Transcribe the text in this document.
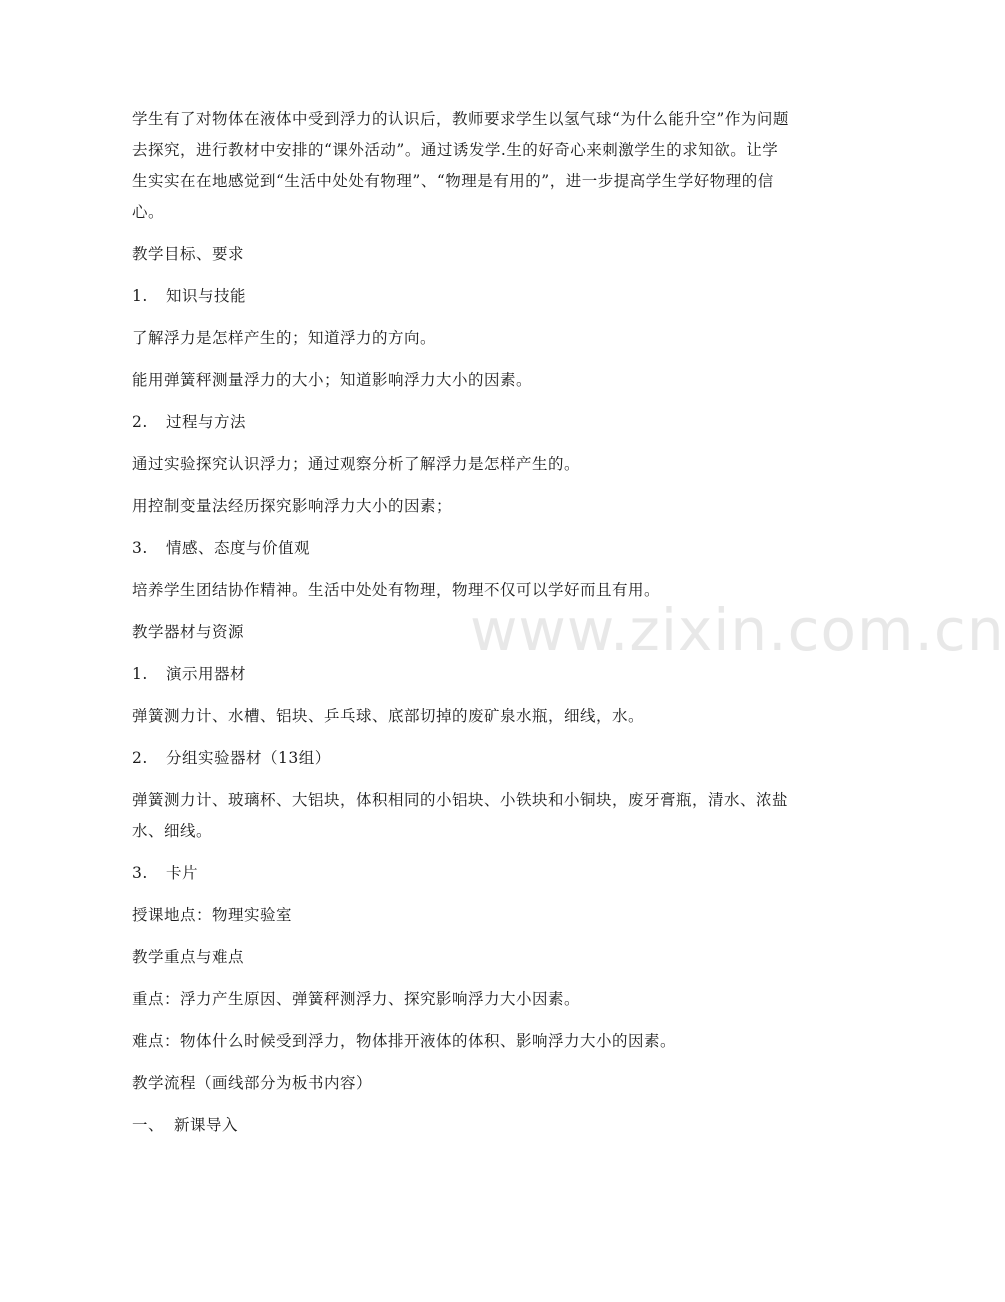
www.zixin.com.cn

学生有了对物体在液体中受到浮力的认识后，教师要求学生以氢气球“为什么能升空”作为问题去探究，进行教材中安排的“课外活动”。通过诱发学.生的好奇心来刺激学生的求知欲。让学生实实在在地感觉到“生活中处处有物理”、“物理是有用的”，进一步提高学生学好物理的信心。

教学目标、要求

1. 知识与技能

了解浮力是怎样产生的；知道浮力的方向。

能用弹簧秤测量浮力的大小；知道影响浮力大小的因素。

2. 过程与方法

通过实验探究认识浮力；通过观察分析了解浮力是怎样产生的。

用控制变量法经历探究影响浮力大小的因素；

3. 情感、态度与价值观

培养学生团结协作精神。生活中处处有物理，物理不仅可以学好而且有用。

教学器材与资源

1. 演示用器材

弹簧测力计、水槽、铝块、乒乓球、底部切掉的废矿泉水瓶，细线，水。

2. 分组实验器材（13组）

弹簧测力计、玻璃杯、大铝块，体积相同的小铝块、小铁块和小铜块，废牙膏瓶，清水、浓盐水、细线。

3. 卡片

授课地点：物理实验室

教学重点与难点

重点：浮力产生原因、弹簧秤测浮力、探究影响浮力大小因素。

难点：物体什么时候受到浮力，物体排开液体的体积、影响浮力大小的因素。

教学流程（画线部分为板书内容）

一、 新课导入
